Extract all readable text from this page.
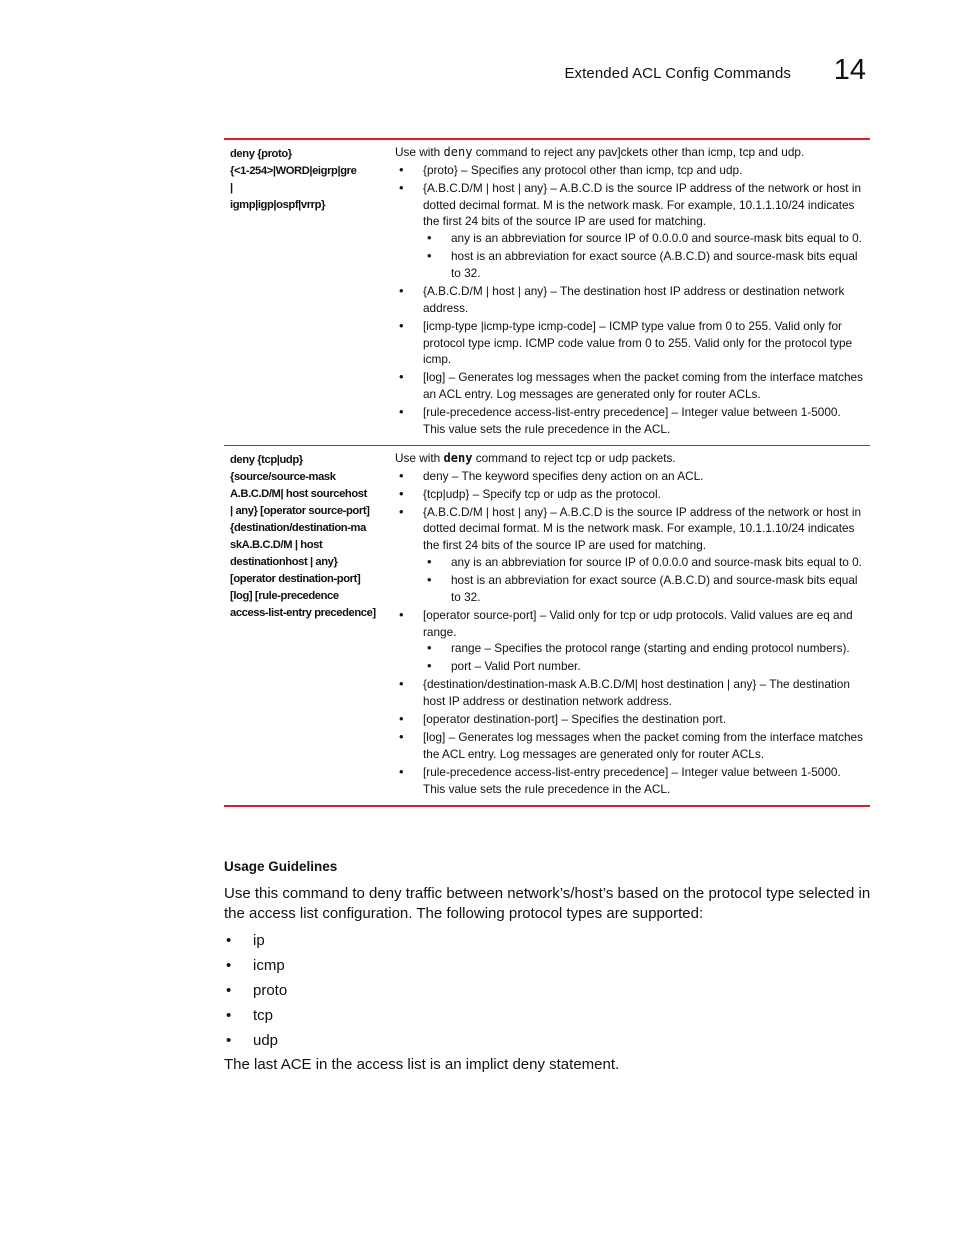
Extended ACL Config Commands 14
deny {proto}
{<1-254>|WORD|eigrp|gre
|
igmp|igp|ospf|vrrp}

Use with deny command to reject any pav]ckets other than icmp, tcp and udp.

• {proto} – Specifies any protocol other than icmp, tcp and udp.
• {A.B.C.D/M | host | any} – A.B.C.D is the source IP address of the network or host in dotted decimal format. M is the network mask. For example, 10.1.1.10/24 indicates the first 24 bits of the source IP are used for matching.
• any is an abbreviation for source IP of 0.0.0.0 and source-mask bits equal to 0.
• host is an abbreviation for exact source (A.B.C.D) and source-mask bits equal to 32.
• {A.B.C.D/M | host | any} – The destination host IP address or destination network address.
• [icmp-type |icmp-type icmp-code] – ICMP type value from 0 to 255. Valid only for protocol type icmp. ICMP code value from 0 to 255. Valid only for the protocol type icmp.
• [log] – Generates log messages when the packet coming from the interface matches an ACL entry. Log messages are generated only for router ACLs.
• [rule-precedence access-list-entry precedence] – Integer value between 1-5000. This value sets the rule precedence in the ACL.
deny {tcp|udp}
{source/source-mask
A.B.C.D/M| host sourcehost
| any} [operator source-port]
{destination/destination-ma
skA.B.C.D/M | host
destinationhost | any}
[operator destination-port]
[log] [rule-precedence
access-list-entry precedence]

Use with deny command to reject tcp or udp packets.

• deny – The keyword specifies deny action on an ACL.
• {tcp|udp} – Specify tcp or udp as the protocol.
• {A.B.C.D/M | host | any} – A.B.C.D is the source IP address of the network or host in dotted decimal format. M is the network mask. For example, 10.1.1.10/24 indicates the first 24 bits of the source IP are used for matching.
• any is an abbreviation for source IP of 0.0.0.0 and source-mask bits equal to 0.
• host is an abbreviation for exact source (A.B.C.D) and source-mask bits equal to 32.
• [operator source-port] – Valid only for tcp or udp protocols. Valid values are eq and range.
• range – Specifies the protocol range (starting and ending protocol numbers).
• port – Valid Port number.
• {destination/destination-mask A.B.C.D/M| host destination | any} – The destination host IP address or destination network address.
• [operator destination-port] – Specifies the destination port.
• [log] – Generates log messages when the packet coming from the interface matches the ACL entry. Log messages are generated only for router ACLs.
• [rule-precedence access-list-entry precedence] – Integer value between 1-5000. This value sets the rule precedence in the ACL.
Usage Guidelines
Use this command to deny traffic between network’s/host’s based on the protocol type selected in the access list configuration. The following protocol types are supported:
• ip
• icmp
• proto
• tcp
• udp
The last ACE in the access list is an implict deny statement.
